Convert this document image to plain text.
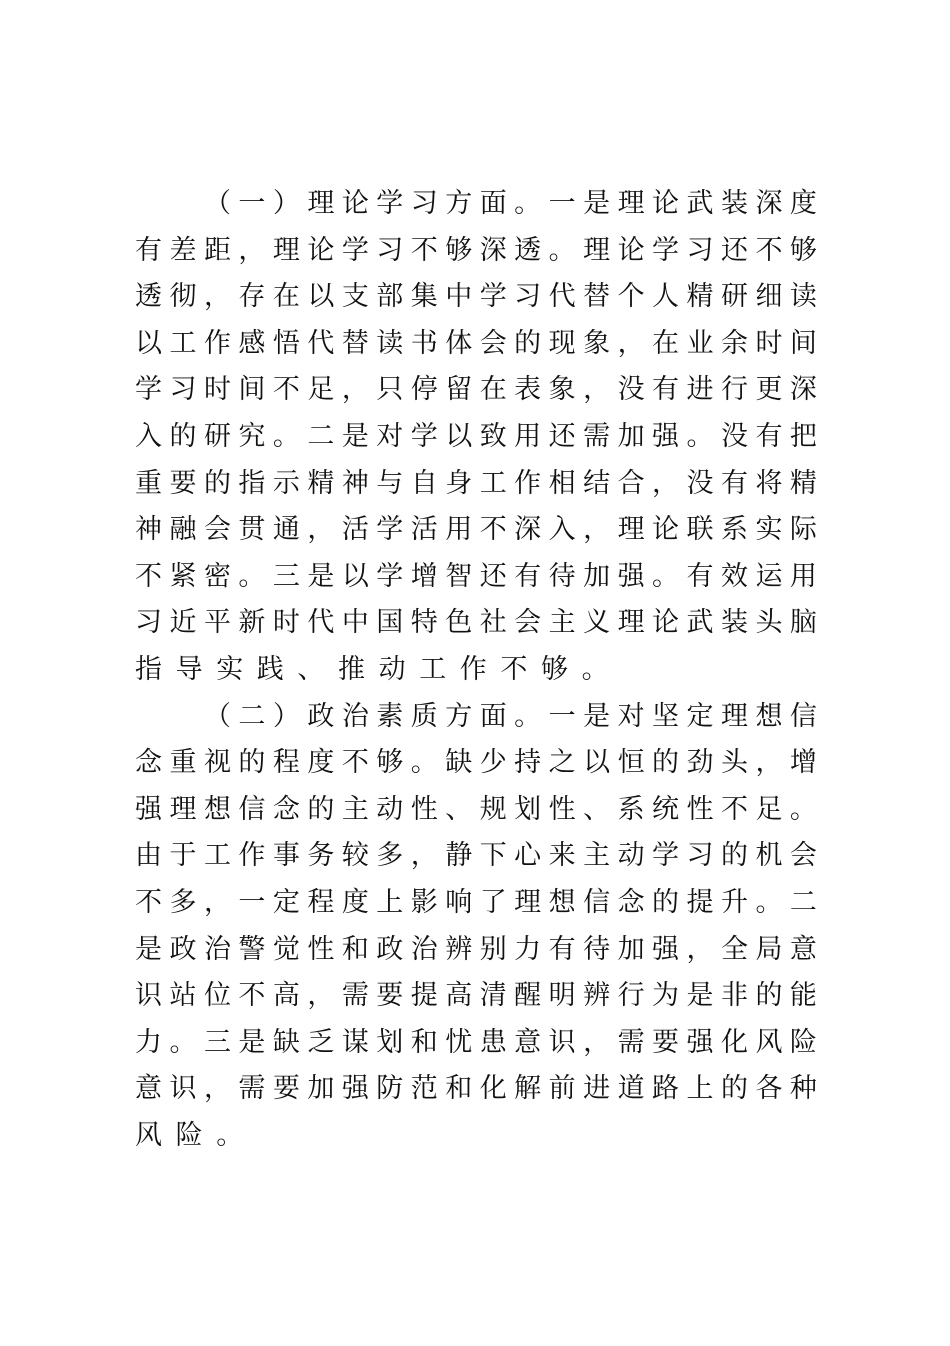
（ 一 ） 理 论 学 习 方 面 。 一 是 理 论 武 装 深 度
有 差 距 ， 理 论 学 习 不 够 深 透 。 理 论 学 习 还 不 够
透 彻 ， 存 在 以 支 部 集 中 学 习 代 替 个 人 精 研 细 读
以 工 作 感 悟 代 替 读 书 体 会 的 现 象 ， 在 业 余 时 间
学 习 时 间 不 足 ， 只 停 留 在 表 象 ， 没 有 进 行 更 深
入 的 研 究 。 二 是 对 学 以 致 用 还 需 加 强 。 没 有 把
重 要 的 指 示 精 神 与 自 身 工 作 相 结 合 ， 没 有 将 精
神 融 会 贯 通 ， 活 学 活 用 不 深 入 ， 理 论 联 系 实 际
不 紧 密 。 三 是 以 学 增 智 还 有 待 加 强 。 有 效 运 用
习 近 平 新 时 代 中 国 特 色 社 会 主 义 理 论 武 装 头 脑
指导实践、推动工作不够。

（ 二 ） 政 治 素 质 方 面 。 一 是 对 坚 定 理 想 信
念 重 视 的 程 度 不 够 。 缺 少 持 之 以 恒 的 劲 头 ， 增
强 理 想 信 念 的 主 动 性 、 规 划 性 、 系 统 性 不 足 。
由 于 工 作 事 务 较 多 ， 静 下 心 来 主 动 学 习 的 机 会
不 多 ， 一 定 程 度 上 影 响 了 理 想 信 念 的 提 升 。 二
是 政 治 警 觉 性 和 政 治 辨 别 力 有 待 加 强 ， 全 局 意
识 站 位 不 高 ， 需 要 提 高 清 醒 明 辨 行 为 是 非 的 能
力 。 三 是 缺 乏 谋 划 和 忧 患 意 识 ， 需 要 强 化 风 险
意 识 ， 需 要 加 强 防 范 和 化 解 前 进 道 路 上 的 各 种
风险。
